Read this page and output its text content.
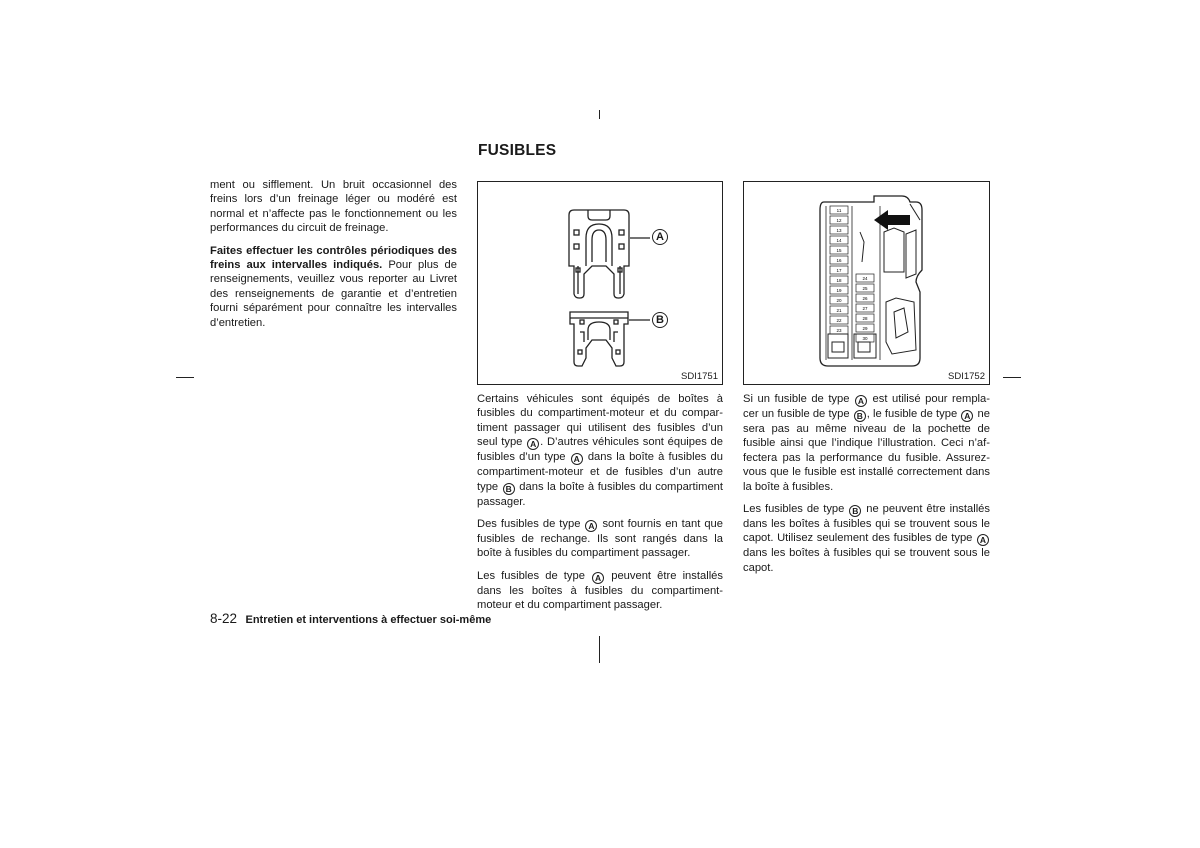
FUSIBLES

ment ou sifflement. Un bruit occasionnel des freins lors d’un freinage léger ou modéré est normal et n’affecte pas le fonctionnement ou les performances du circuit de freinage.

Faites effectuer les contrôles périodiques des freins aux intervalles indiqués. Pour plus de renseignements, veuillez vous reporter au Livret des renseignements de garantie et d’entretien fourni séparément pour connaître les intervalles d’entretien.

A
B
SDI1751
11
12
13
14
15
16
17
18
19
20
21
22
23
24
25
26
27
28
29
30
SDI1752

Certains véhicules sont équipés de boîtes à fusibles du compartiment-moteur et du compar- timent passager qui utilisent des fusibles d’un seul type A . D’autres véhicules sont équipes de fusibles d’un type A dans la boîte à fusibles du compartiment-moteur et de fusibles d’un autre type B dans la boîte à fusibles du compartiment passager.

Des fusibles de type A sont fournis en tant que fusibles de rechange. Ils sont rangés dans la boîte à fusibles du compartiment passager.

Les fusibles de type A peuvent être installés dans les boîtes à fusibles du compartiment- moteur et du compartiment passager.

Si un fusible de type A est utilisé pour rempla- cer un fusible de type B , le fusible de type A ne sera pas au même niveau de la pochette de fusible ainsi que l’indique l’illustration. Ceci n’af- fectera pas la performance du fusible. Assurez- vous que le fusible est installé correctement dans la boîte à fusibles.

Les fusibles de type B ne peuvent être installés dans les boîtes à fusibles qui se trouvent sous le capot. Utilisez seulement des fusibles de type A dans les boîtes à fusibles qui se trouvent sous le capot.

8-22 Entretien et interventions à effectuer soi-même
